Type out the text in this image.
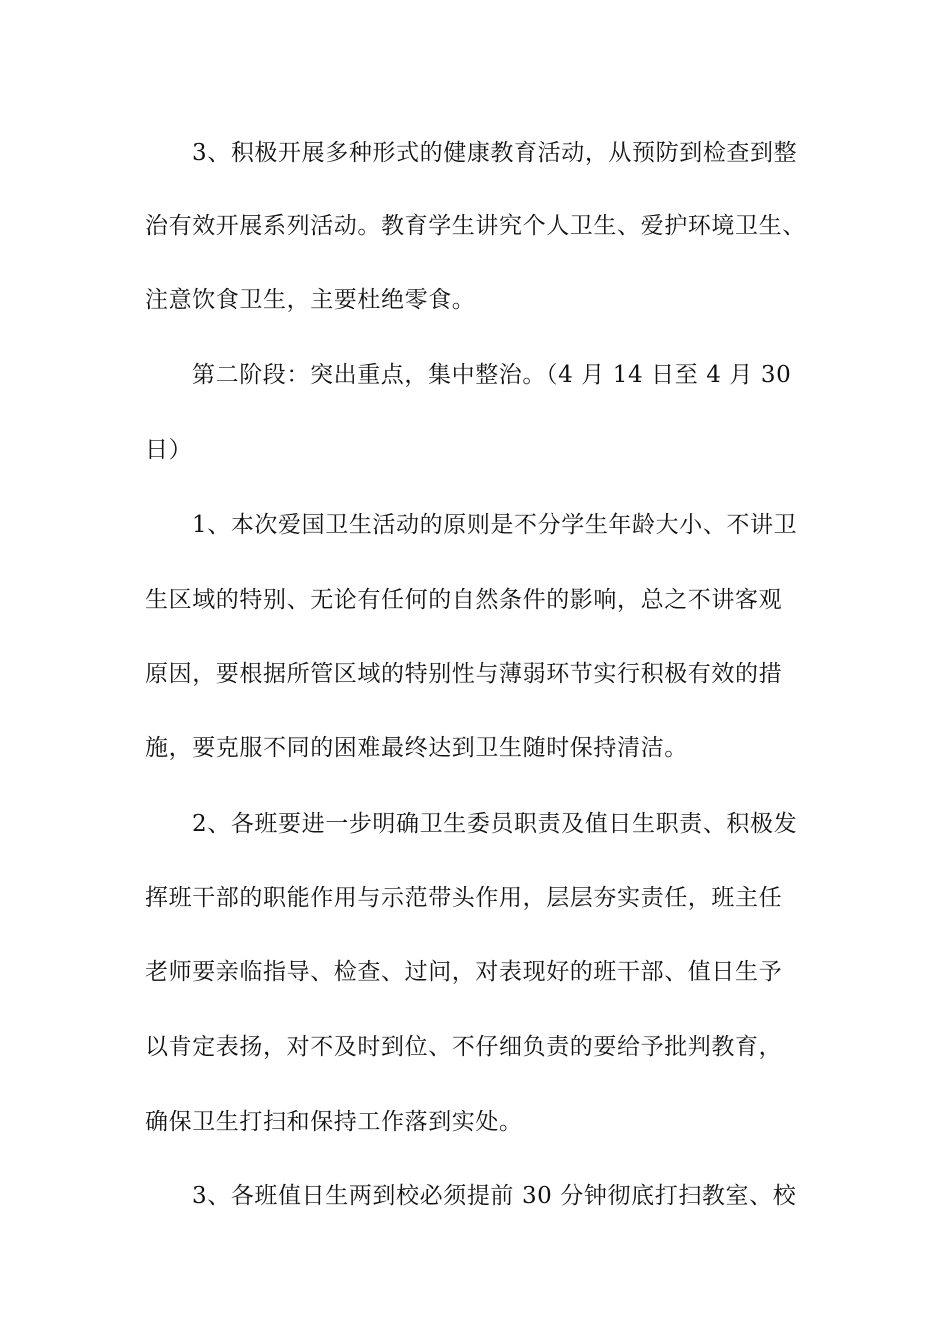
3、积极开展多种形式的健康教育活动，从预防到检查到整
治有效开展系列活动。教育学生讲究个人卫生、爱护环境卫生、
注意饮食卫生，主要杜绝零食。
第二阶段：突出重点，集中整治。（4 月 14 日至 4 月 30
日）
1、本次爱国卫生活动的原则是不分学生年龄大小、不讲卫
生区域的特别、无论有任何的自然条件的影响，总之不讲客观
原因，要根据所管区域的特别性与薄弱环节实行积极有效的措
施，要克服不同的困难最终达到卫生随时保持清洁。
2、各班要进一步明确卫生委员职责及值日生职责、积极发
挥班干部的职能作用与示范带头作用，层层夯实责任，班主任
老师要亲临指导、检查、过问，对表现好的班干部、值日生予
以肯定表扬，对不及时到位、不仔细负责的要给予批判教育，
确保卫生打扫和保持工作落到实处。
3、各班值日生两到校必须提前 30 分钟彻底打扫教室、校
